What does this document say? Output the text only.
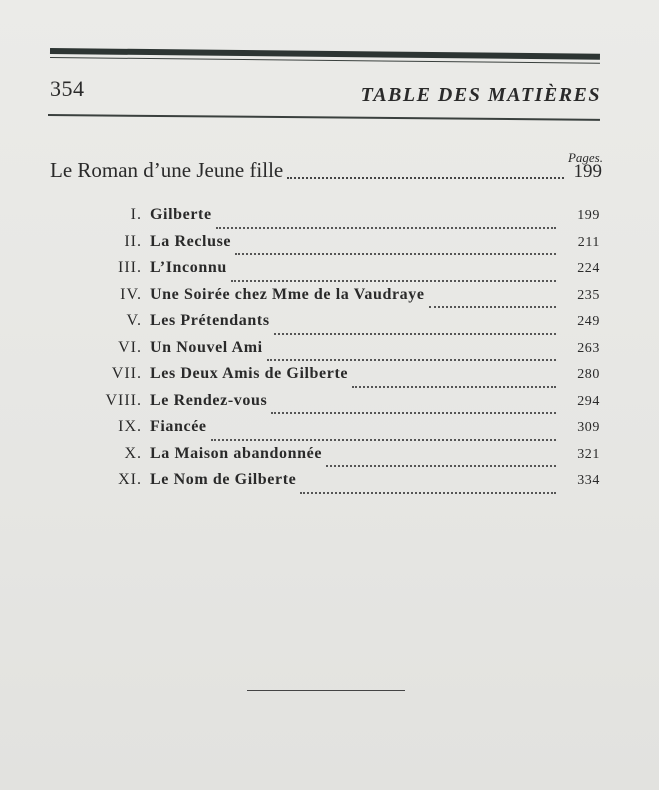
354	TABLE DES MATIÈRES
Pages.
Le Roman d’une Jeune fille	199
I. Gilberte	199
II. La Recluse	211
III. L’Inconnu	224
IV. Une Soirée chez Mme de la Vaudraye	235
V. Les Prétendants	249
VI. Un Nouvel Ami	263
VII. Les Deux Amis de Gilberte	280
VIII. Le Rendez-vous	294
IX. Fiancée	309
X. La Maison abandonnée	321
XI. Le Nom de Gilberte	334
